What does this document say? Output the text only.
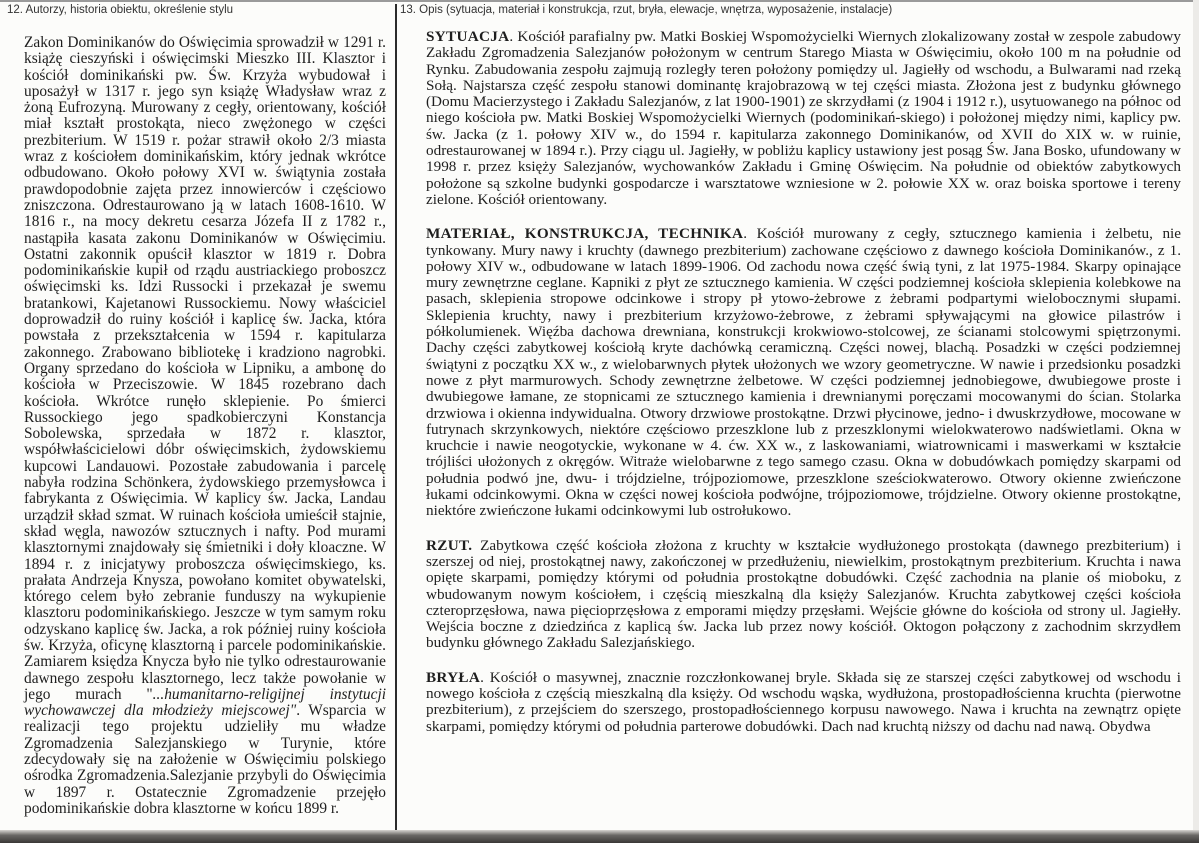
12. Autorzy, historia obiektu, określenie stylu	13. Opis (sytuacja, materiał i konstrukcja, rzut, bryła, elewacje, wnętrza, wyposażenie, instalacje)

Zakon Dominikanów do Oświęcimia sprowadził w 1291 r. książę cieszyński i oświęcimski Mieszko III. Klasztor i kościół dominikański pw. Św. Krzyża wybudował i uposażył w 1317 r. jego syn książę Władysław wraz z żoną Eufrozyną. Murowany z cegły, orientowany, kościół miał kształt prostokąta, nieco zwężonego w części prezbiterium. W 1519 r. pożar strawił około 2/3 miasta wraz z kościołem dominikańskim, który jednak wkrótce odbudowano. Około połowy XVI w. świątynia została prawdopodobnie zajęta przez innowierców i częściowo zniszczona. Odrestaurowano ją w latach 1608-1610. W 1816 r., na mocy dekretu cesarza Józefa II z 1782 r., nastąpiła kasata zakonu Dominikanów w Oświęcimiu. Ostatni zakonnik opuścił klasztor w 1819 r. Dobra podominikańskie kupił od rządu austriackiego proboszcz oświęcimski ks. Idzi Russocki i przekazał je swemu bratankowi, Kajetanowi Russockiemu. Nowy właściciel doprowadził do ruiny kościół i kaplicę św. Jacka, która powstała z przekształcenia w 1594 r. kapitularza zakonnego. Zrabowano bibliotekę i kradziono nagrobki. Organy sprzedano do kościoła w Lipniku, a ambonę do kościoła w Przeciszowie. W 1845 rozebrano dach kościoła. Wkrótce runęło sklepienie. Po śmierci Russockiego jego spadkobierczyni Konstancja Sobolewska, sprzedała w 1872 r. klasztor, współwłaścicielowi dóbr oświęcimskich, żydowskiemu kupcowi Landauowi. Pozostałe zabudowania i parcelę nabyła rodzina Schönkera, żydowskiego przemysłowca i fabrykanta z Oświęcimia. W kaplicy św. Jacka, Landau urządził skład szmat. W ruinach kościoła umieścił stajnie, skład węgla, nawozów sztucznych i nafty. Pod murami klasztornymi znajdowały się śmietniki i doły kloaczne. W 1894 r. z inicjatywy proboszcza oświęcimskiego, ks. prałata Andrzeja Knysza, powołano komitet obywatelski, którego celem było zebranie funduszy na wykupienie klasztoru podominikańskiego. Jeszcze w tym samym roku odzyskano kaplicę św. Jacka, a rok później ruiny kościoła św. Krzyża, oficynę klasztorną i parcele podominikańskie. Zamiarem księdza Knycza było nie tylko odrestaurowanie dawnego zespołu klasztornego, lecz także powołanie w jego murach "...humanitarno-religijnej instytucji wychowawczej dla młodzieży miejscowej". Wsparcia w realizacji tego projektu udzieliły mu władze Zgromadzenia Salezjanskiego w Turynie, które zdecydowały się na założenie w Oświęcimiu polskiego ośrodka Zgromadzenia.Salezjanie przybyli do Oświęcimia w 1897 r. Ostatecznie Zgromadzenie przejęło podominikańskie dobra klasztorne w końcu 1899 r.

SYTUACJA. Kościół parafialny pw. Matki Boskiej Wspomożycielki Wiernych zlokalizowany został w zespole zabudowy Zakładu Zgromadzenia Salezjanów położonym w centrum Starego Miasta w Oświęcimiu, około 100 m na południe od Rynku. Zabudowania zespołu zajmują rozległy teren położony pomiędzy ul. Jagiełły od wschodu, a Bulwarami nad rzeką Sołą. Najstarsza część zespołu stanowi dominantę krajobrazową w tej części miasta. Złożona jest z budynku głównego (Domu Macierzystego i Zakładu Salezjanów, z lat 1900-1901) ze skrzydłami (z 1904 i 1912 r.), usytuowanego na północ od niego kościoła pw. Matki Boskiej Wspomożycielki Wiernych (podominikań-skiego) i położonej między nimi, kaplicy pw. św. Jacka (z 1. połowy XIV w., do 1594 r. kapitularza zakonnego Dominikanów, od XVII do XIX w. w ruinie, odrestaurowanej w 1894 r.). Przy ciągu ul. Jagiełły, w pobliżu kaplicy ustawiony jest posąg Św. Jana Bosko, ufundowany w 1998 r. przez księży Salezjanów, wychowanków Zakładu i Gminę Oświęcim. Na południe od obiektów zabytkowych położone są szkolne budynki gospodarcze i warsztatowe wzniesione w 2. połowie XX w. oraz boiska sportowe i tereny zielone. Kościół orientowany.

MATERIAŁ, KONSTRUKCJA, TECHNIKA. Kościół murowany z cegły, sztucznego kamienia i żelbetu, nie tynkowany. Mury nawy i kruchty (dawnego prezbiterium) zachowane częściowo z dawnego kościoła Dominikanów., z 1. połowy XIV w., odbudowane w latach 1899-1906. Od zachodu nowa część świą tyni, z lat 1975-1984. Skarpy opinające mury zewnętrzne ceglane. Kapniki z płyt ze sztucznego kamienia. W części podziemnej kościoła sklepienia kolebkowe na pasach, sklepienia stropowe odcinkowe i stropy pł ytowo-żebrowe z żebrami podpartymi wielobocznymi słupami. Sklepienia kruchty, nawy i prezbiterium krzyżowo-żebrowe, z żebrami spływającymi na głowice pilastrów i półkolumienek. Więźba dachowa drewniana, konstrukcji krokwiowo-stolcowej, ze ścianami stolcowymi spiętrzonymi. Dachy części zabytkowej kościołą kryte dachówką ceramiczną. Części nowej, blachą. Posadzki w części podziemnej świątyni z początku XX w., z wielobarwnych płytek ułożonych we wzory geometryczne. W nawie i przedsionku posadzki nowe z płyt marmurowych. Schody zewnętrzne żelbetowe. W części podziemnej jednobiegowe, dwubiegowe proste i dwubiegowe łamane, ze stopnicami ze sztucznego kamienia i drewnianymi poręczami mocowanymi do ścian. Stolarka drzwiowa i okienna indywidualna. Otwory drzwiowe prostokątne. Drzwi płycinowe, jedno- i dwuskrzydłowe, mocowane w futrynach skrzynkowych, niektóre częściowo przeszklone lub z przeszklonymi wielokwaterowo nadświetlami. Okna w kruchcie i nawie neogotyckie, wykonane w 4. ćw. XX w., z laskowaniami, wiatrownicami i maswerkami w kształcie trójliści ułożonych z okręgów. Witraże wielobarwne z tego samego czasu. Okna w dobudówkach pomiędzy skarpami od południa podwó jne, dwu- i trójdzielne, trójpoziomowe, przeszklone sześciokwaterowo. Otwory okienne zwieńczone łukami odcinkowymi. Okna w części nowej kościoła podwójne, trójpoziomowe, trójdzielne. Otwory okienne prostokątne, niektóre zwieńczone łukami odcinkowymi lub ostrołukowo.

RZUT. Zabytkowa część kościoła złożona z kruchty w kształcie wydłużonego prostokąta (dawnego prezbiterium) i szerszej od niej, prostokątnej nawy, zakończonej w przedłużeniu, niewielkim, prostokątnym prezbiterium. Kruchta i nawa opięte skarpami, pomiędzy którymi od południa prostokątne dobudówki. Część zachodnia na planie oś mioboku, z wbudowanym nowym kościołem, i częścią mieszkalną dla księży Salezjanów. Kruchta zabytkowej części kościoła czteroprzęsłowa, nawa pięcioprzęsłowa z emporami między przęsłami. Wejście główne do kościoła od strony ul. Jagiełły. Wejścia boczne z dziedzińca z kaplicą św. Jacka lub przez nowy kościół. Oktogon połączony z zachodnim skrzydłem budynku głównego Zakładu Salezjańskiego.

BRYŁA. Kościół o masywnej, znacznie rozczłonkowanej bryle. Składa się ze starszej części zabytkowej od wschodu i nowego kościoła z częścią mieszkalną dla księży. Od wschodu wąska, wydłużona, prostopadłościenna kruchta (pierwotne prezbiterium), z przejściem do szerszego, prostopadłościennego korpusu nawowego. Nawa i kruchta na zewnątrz opięte skarpami, pomiędzy którymi od południa parterowe dobudówki. Dach nad kruchtą niższy od dachu nad nawą. Obydwa
